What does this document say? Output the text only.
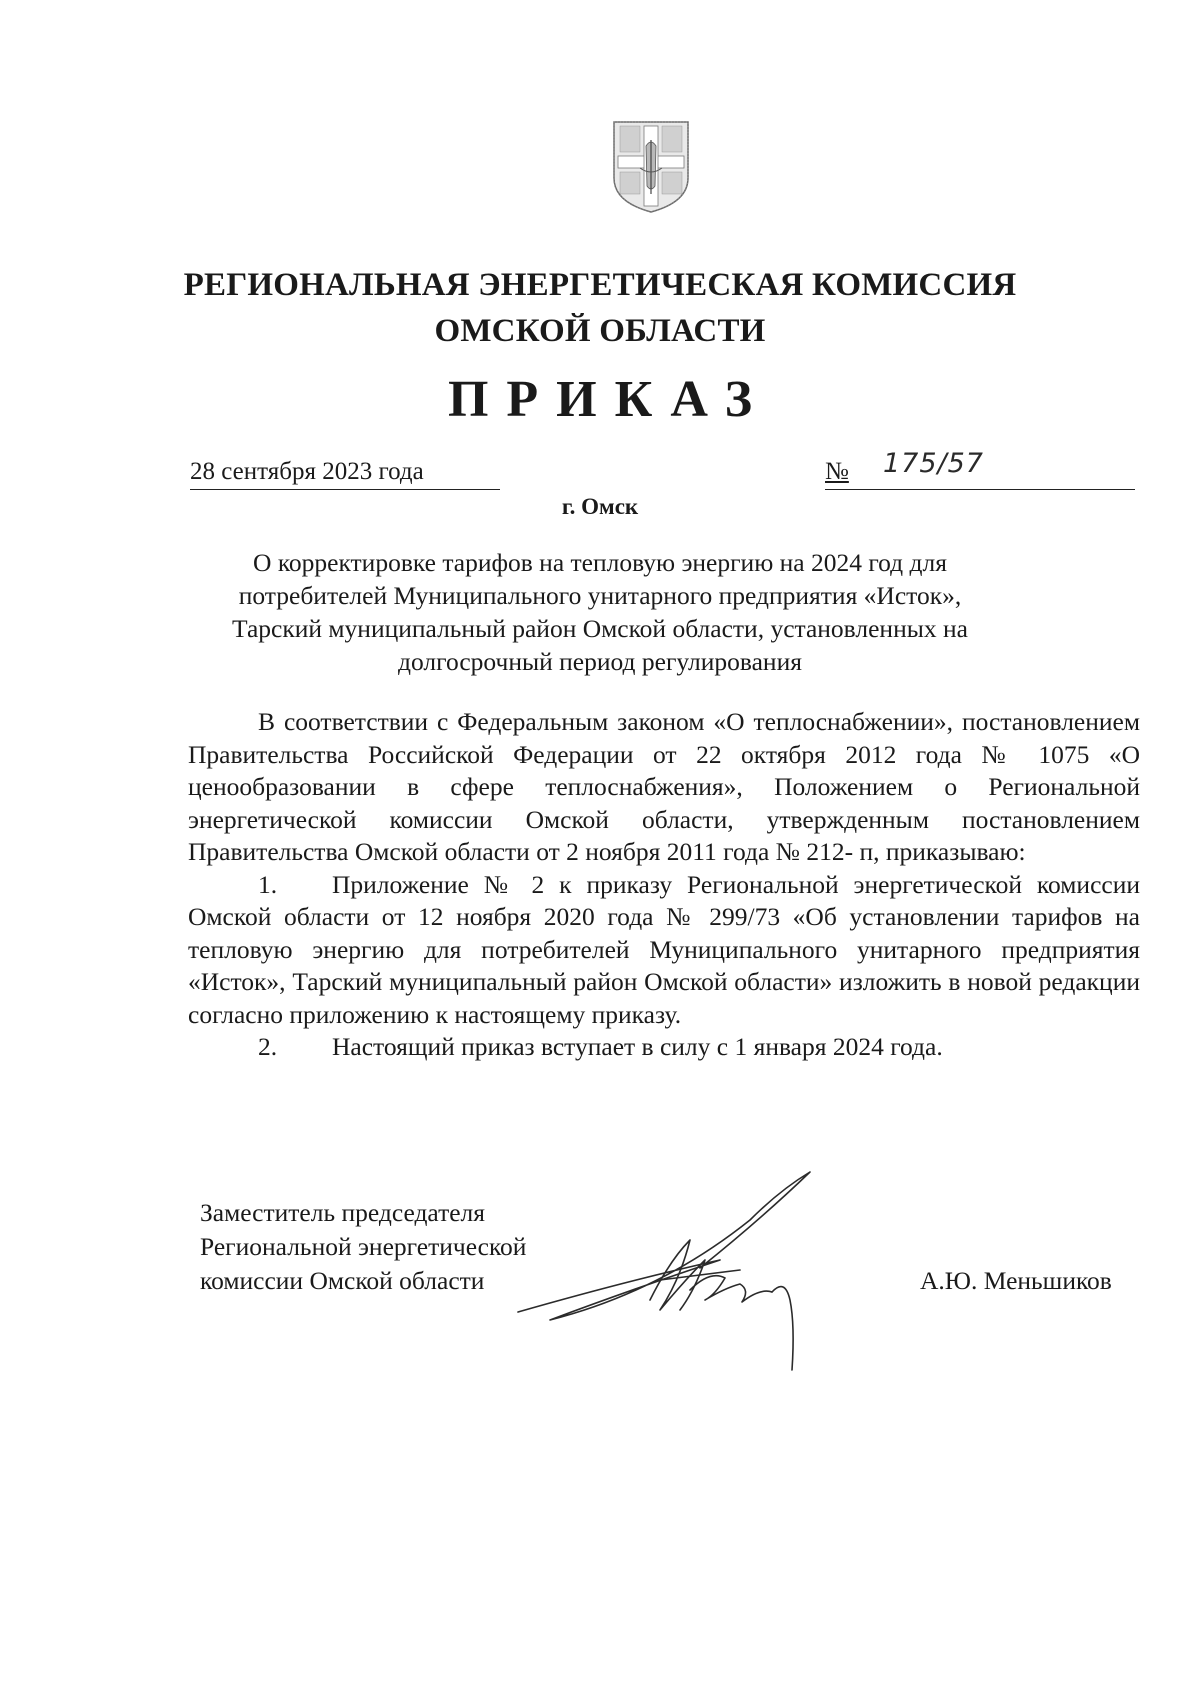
РЕГИОНАЛЬНАЯ ЭНЕРГЕТИЧЕСКАЯ КОМИССИЯ
ОМСКОЙ ОБЛАСТИ
ПРИКАЗ
28 сентября 2023 года	№ 175/57
г. Омск
О корректировке тарифов на тепловую энергию на 2024 год для
потребителей Муниципального унитарного предприятия «Исток»,
Тарский муниципальный район Омской области, установленных на
долгосрочный период регулирования

В соответствии с Федеральным законом «О теплоснабжении», постановлением Правительства Российской Федерации от 22 октября 2012 года № 1075 «О ценообразовании в сфере теплоснабжения», Положением о Региональной энергетической комиссии Омской области, утвержденным постановлением Правительства Омской области от 2 ноября 2011 года № 212- п, приказываю:

1. Приложение № 2 к приказу Региональной энергетической комиссии Омской области от 12 ноября 2020 года № 299/73 «Об установлении тарифов на тепловую энергию для потребителей Муниципального унитарного предприятия «Исток», Тарский муниципальный район Омской области» изложить в новой редакции согласно приложению к настоящему приказу.

2. Настоящий приказ вступает в силу с 1 января 2024 года.

Заместитель председателя
Региональной энергетической
комиссии Омской области	А.Ю. Меньшиков
